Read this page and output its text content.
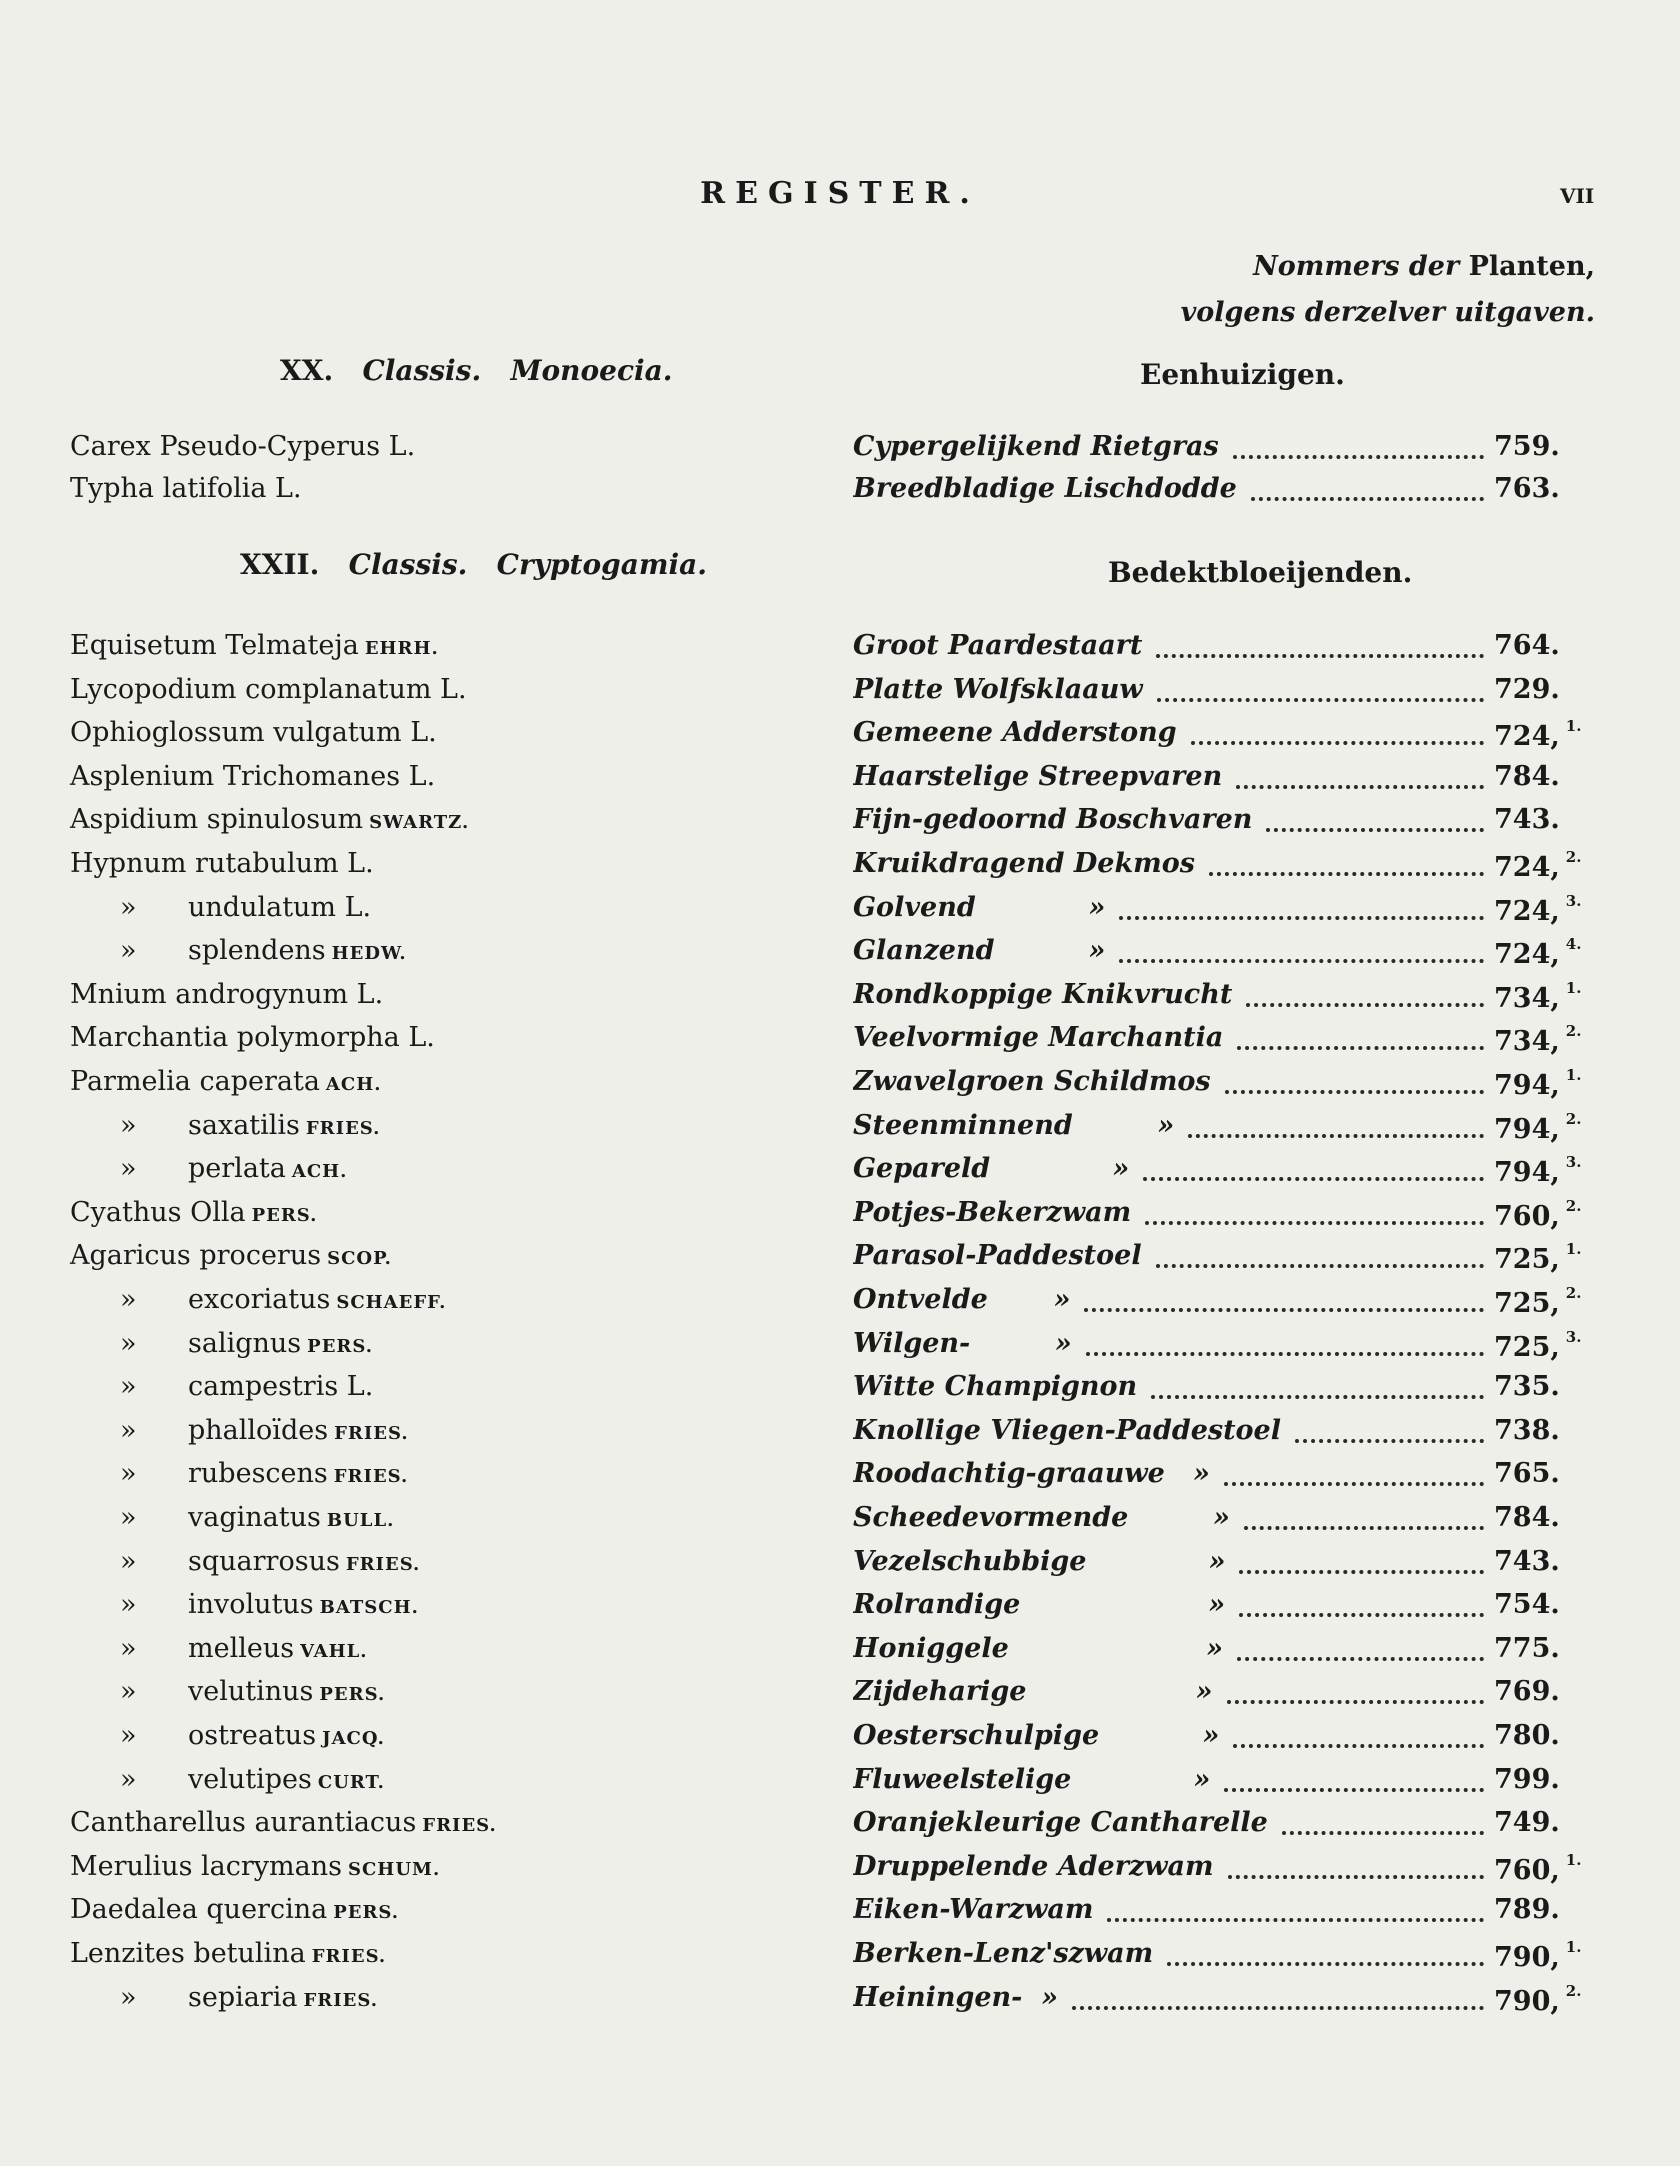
REGISTER.	VII
Nommers der Planten,
volgens derzelver uitgaven.
XX. Classis. Monoecia.	Eenhuizigen.
Carex Pseudo-Cyperus L.	Cypergelijkend Rietgras	759.
Typha latifolia L.	Breedbladige Lischdodde	763.
XXII. Classis. Cryptogamia.	Bedektbloeijenden.
Equisetum Telmateja EHRH.	Groot Paardestaart	764.
Lycopodium complanatum L.	Platte Wolfsklaauw	729.
Ophioglossum vulgatum L.	Gemeene Adderstong	724, $^{1.}$
Asplenium Trichomanes L.	Haarstelige Streepvaren	784.
Aspidium spinulosum SWARTZ.	Fijn-gedoornd Boschvaren	743.
Hypnum rutabulum L.	Kruikdragend Dekmos	724, $^{2.}$
»      undulatum L.	Golvend            »	724, $^{3.}$
»      splendens HEDW.	Glanzend          »	724, $^{4.}$
Mnium androgynum L.	Rondkoppige Knikvrucht	734, $^{1.}$
Marchantia polymorpha L.	Veelvormige Marchantia	734, $^{2.}$
Parmelia caperata ACH.	Zwavelgroen Schildmos	794, $^{1.}$
»      saxatilis FRIES.	Steenminnend         »	794, $^{2.}$
»      perlata ACH.	Gepareld             »	794, $^{3.}$
Cyathus Olla PERS.	Potjes-Bekerzwam	760, $^{2.}$
Agaricus procerus SCOP.	Parasol-Paddestoel	725, $^{1.}$
»      excoriatus SCHAEFF.	Ontvelde       »	725, $^{2.}$
»      salignus PERS.	Wilgen-         »	725, $^{3.}$
»      campestris L.	Witte Champignon	735.
»      phalloïdes FRIES.	Knollige Vliegen-Paddestoel	738.
»      rubescens FRIES.	Roodachtig-graauwe   »	765.
»      vaginatus BULL.	Scheedevormende         »	784.
»      squarrosus FRIES.	Vezelschubbige             »	743.
»      involutus BATSCH.	Rolrandige                    »	754.
»      melleus VAHL.	Honiggele                     »	775.
»      velutinus PERS.	Zijdeharige                  »	769.
»      ostreatus JACQ.	Oesterschulpige           »	780.
»      velutipes CURT.	Fluweelstelige             »	799.
Cantharellus aurantiacus FRIES.	Oranjekleurige Cantharelle	749.
Merulius lacrymans SCHUM.	Druppelende Aderzwam	760, $^{1.}$
Daedalea quercina PERS.	Eiken-Warzwam	789.
Lenzites betulina FRIES.	Berken-Lenz'szwam	790, $^{1.}$
»      sepiaria FRIES.	Heiningen-  »	790, $^{2.}$
